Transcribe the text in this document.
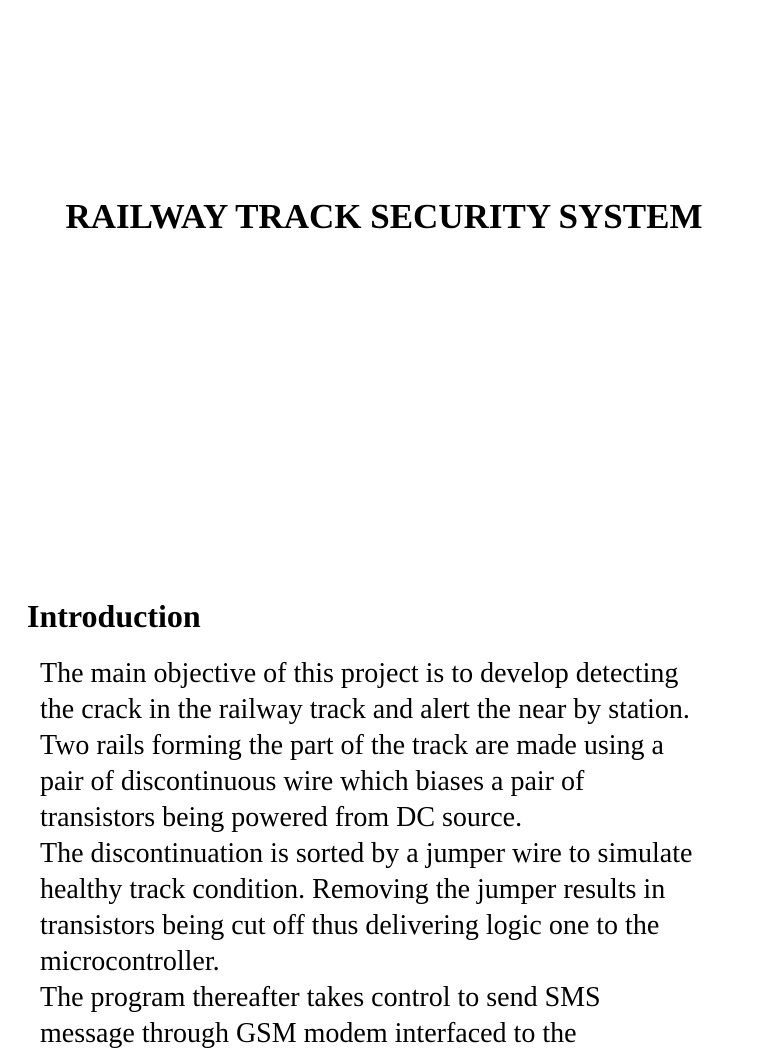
RAILWAY TRACK SECURITY SYSTEM
Introduction
The main objective of this project is to develop detecting
the crack in the railway track and alert the near by station.
Two rails forming the part of the track are made using a
pair of discontinuous wire which biases a pair of
transistors being powered from DC source.
The discontinuation is sorted by a jumper wire to simulate
healthy track condition. Removing the jumper results in
transistors being cut off thus delivering logic one to the
microcontroller.
The program thereafter takes control to send SMS
message through GSM modem interfaced to the
